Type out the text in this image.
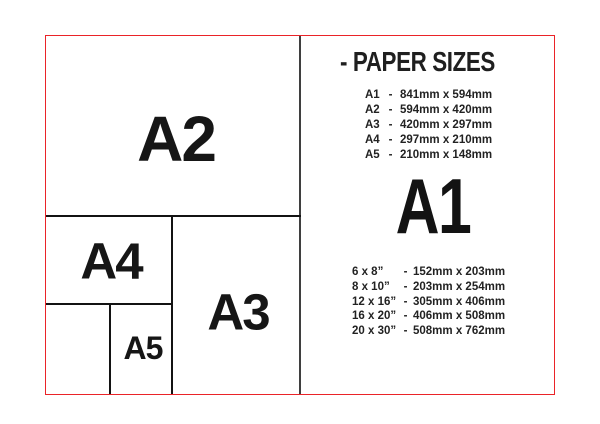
A2
A4
A3
A5
- PAPER SIZES
A1 - 841mm x 594mm
A2 - 594mm x 420mm
A3 - 420mm x 297mm
A4 - 297mm x 210mm
A5 - 210mm x 148mm
A1
6 x 8”	- 152mm x 203mm
8 x 10”	- 203mm x 254mm
12 x 16” - 305mm x 406mm
16 x 20” - 406mm x 508mm
20 x 30” - 508mm x 762mm
